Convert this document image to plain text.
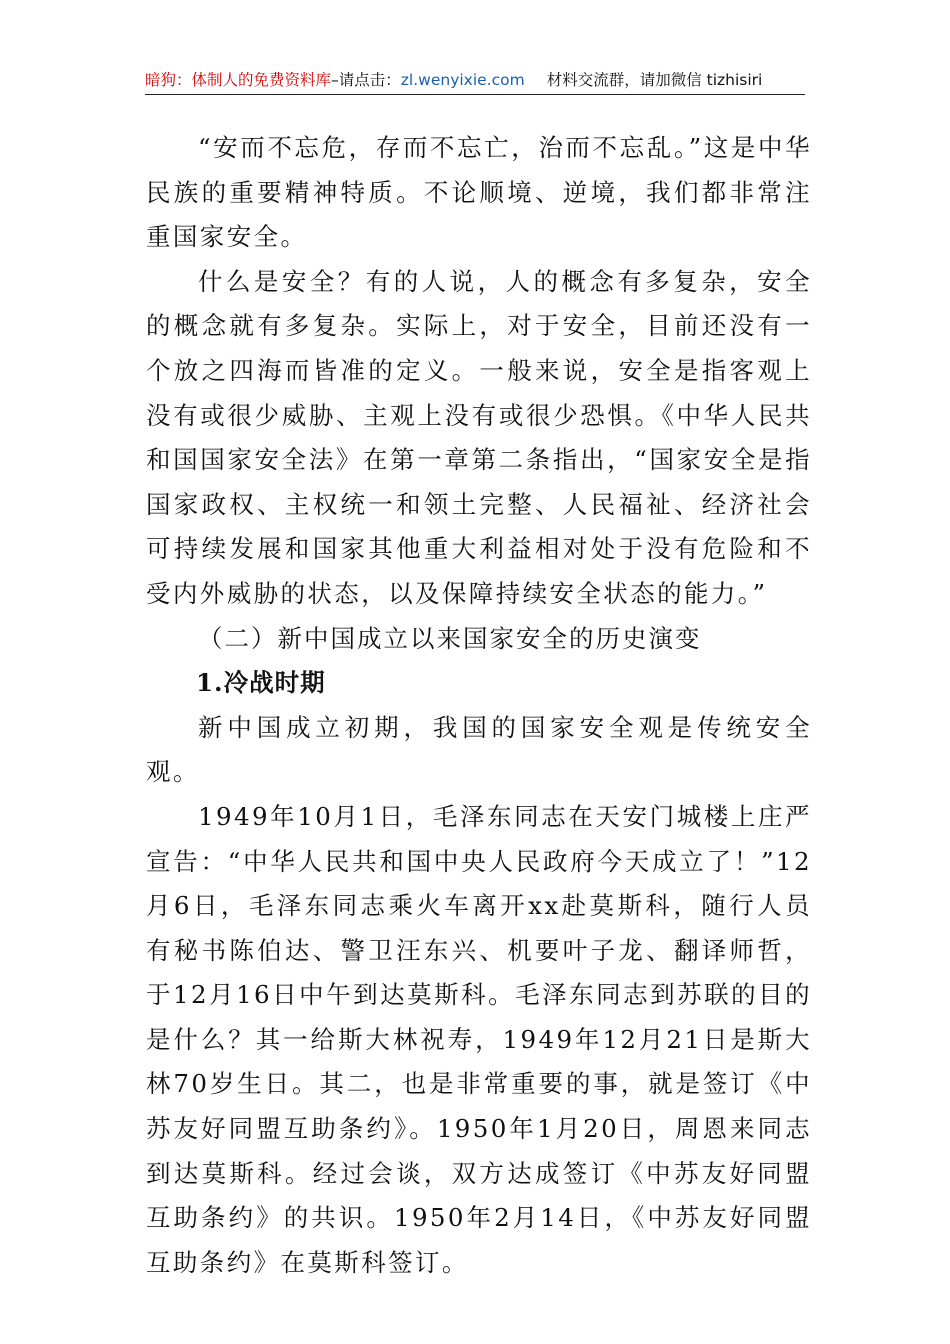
暗狗：体制人的免费资料库–请点击：zl.wenyixie.com 材料交流群，请加微信 tizhisiri

“安而不忘危，存而不忘亡，治而不忘乱。”这是中华民族的重要精神特质。不论顺境、逆境，我们都非常注重国家安全。

什么是安全？有的人说，人的概念有多复杂，安全的概念就有多复杂。实际上，对于安全，目前还没有一个放之四海而皆准的定义。一般来说，安全是指客观上没有或很少威胁、主观上没有或很少恐惧。《中华人民共和国国家安全法》在第一章第二条指出，“国家安全是指国家政权、主权统一和领土完整、人民福祉、经济社会可持续发展和国家其他重大利益相对处于没有危险和不受内外威胁的状态，以及保障持续安全状态的能力。”

（二）新中国成立以来国家安全的历史演变

1.冷战时期

新中国成立初期，我国的国家安全观是传统安全观。

1949年10月1日，毛泽东同志在天安门城楼上庄严宣告：“中华人民共和国中央人民政府今天成立了！”12月6日，毛泽东同志乘火车离开xx赴莫斯科，随行人员有秘书陈伯达、警卫汪东兴、机要叶子龙、翻译师哲，于12月16日中午到达莫斯科。毛泽东同志到苏联的目的是什么？其一给斯大林祝寿，1949年12月21日是斯大林70岁生日。其二，也是非常重要的事，就是签订《中苏友好同盟互助条约》。1950年1月20日，周恩来同志到达莫斯科。经过会谈，双方达成签订《中苏友好同盟互助条约》的共识。1950年2月14日，《中苏友好同盟互助条约》在莫斯科签订。
